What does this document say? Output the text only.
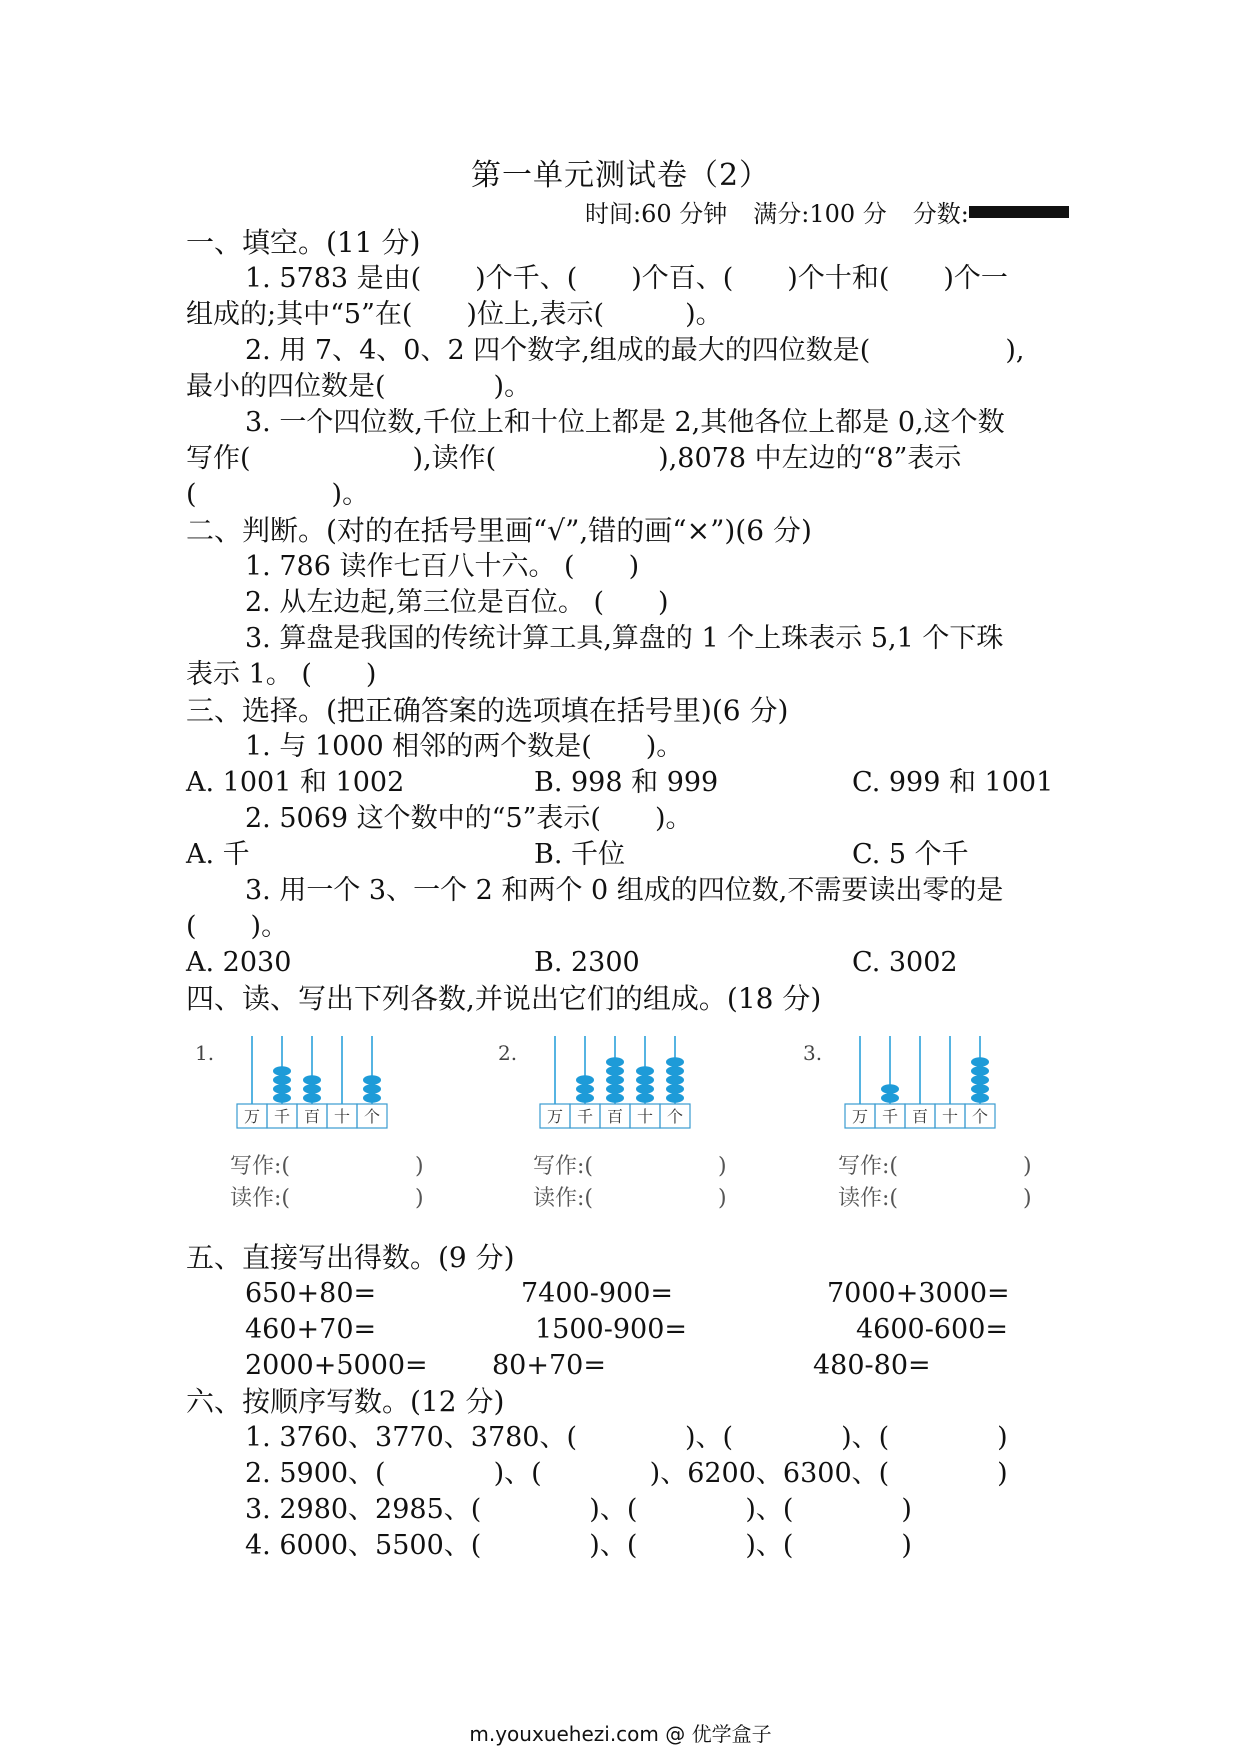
第一单元测试卷（2）
时间:60 分钟 满分:100 分 分数:
一、填空。(11 分)
1. 5783 是由(　　)个千、(　　)个百、(　　)个十和(　　)个一
组成的;其中“5”在(　　)位上,表示(　　　)。
2. 用 7、4、0、2 四个数字,组成的最大的四位数是(　　　　　),
最小的四位数是(　　　　)。
3. 一个四位数,千位上和十位上都是 2,其他各位上都是 0,这个数
写作(　　　　　　),读作(　　　　　　),8078 中左边的“8”表示
(　　　　　)。
二、判断。(对的在括号里画“√”,错的画“×”)(6 分)
1. 786 读作七百八十六。 (　　)
2. 从左边起,第三位是百位。 (　　)
3. 算盘是我国的传统计算工具,算盘的 1 个上珠表示 5,1 个下珠
表示 1。 (　　)
三、选择。(把正确答案的选项填在括号里)(6 分)
1. 与 1000 相邻的两个数是(　　)。
A. 1001 和 1002	B. 998 和 999	C. 999 和 1001
2. 5069 这个数中的“5”表示(　　)。
A. 千	B. 千位	C. 5 个千
3. 用一个 3、一个 2 和两个 0 组成的四位数,不需要读出零的是
(　　)。
A. 2030	B. 2300	C. 3002
四、读、写出下列各数,并说出它们的组成。(18 分)
1.
万 千 百 十 个
写作:(	)
读作:(	)
2.
万 千 百 十 个
写作:(	)
读作:(	)
3.
万 千 百 十 个
写作:(	)
读作:(	)
五、直接写出得数。(9 分)
650+80=	7400-900=	7000+3000=
460+70=	1500-900=	4600-600=
2000+5000= 80+70=	480-80=
六、按顺序写数。(12 分)
1. 3760、3770、3780、(　　　　)、(　　　　)、(　　　　)
2. 5900、(　　　　)、(　　　　)、6200、6300、(　　　　)
3. 2980、2985、(　　　　)、(　　　　)、(　　　　)
4. 6000、5500、(　　　　)、(　　　　)、(　　　　)
m.youxuehezi.com @ 优学盒子
